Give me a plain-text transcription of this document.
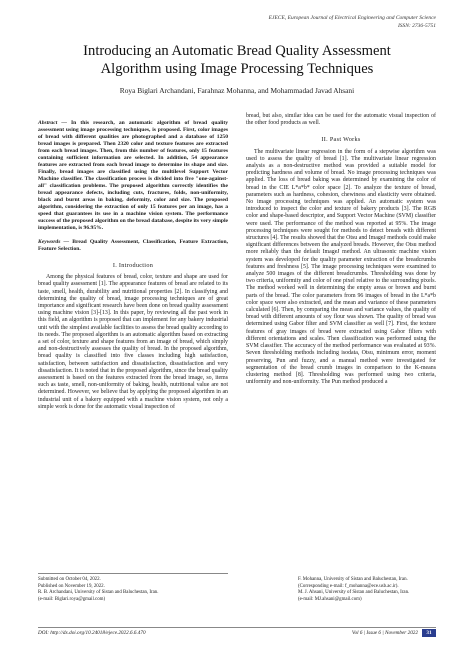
EJECE, European Journal of Electrical Engineering and Computer Science
ISSN: 2736-5751
Introducing an Automatic Bread Quality Assessment
Algorithm using Image Processing Techniques
Roya Biglari Archandani, Farahnaz Mohanna, and Mohammadad Javad Ahsani

Abstract — In this research, an automatic algorithm of bread quality assessment using image processing techniques, is proposed. First, color images of bread with different qualities are photographed and a database of 1250 bread images is prepared. Then 2320 color and texture features are extracted from each bread images. Then, from this number of features, only 15 features containing sufficient information are selected. In addition, 54 appearance features are extracted from each bread image to determine its shape and size. Finally, bread images are classified using the multilevel Support Vector Machine classifier. The classification process is divided into five "one-against-all" classification problems. The proposed algorithm correctly identifies the bread appearance defects, including cuts, fractures, folds, non-uniformity, black and burnt areas in baking, deformity, color and size. The proposed algorithm, considering the extraction of only 15 features per an image, has a speed that guarantees its use in a machine vision system. The performance success of the proposed algorithm on the bread database, despite its very simple implementation, is 96.95%.

Keywords — Bread Quality Assessment, Classification, Feature Extraction, Feature Selection.

I. Introduction

Among the physical features of bread, color, texture and shape are used for bread quality assessment [1]. The appearance features of bread are related to its taste, smell, health, durability and nutritional properties [2]. In classifying and determining the quality of bread, image processing techniques are of great importance and significant research have been done on bread quality assessment using machine vision [3]-[13]. In this paper, by reviewing all the past work in this field, an algorithm is proposed that can implement for any bakery industrial unit with the simplest available facilities to assess the bread quality according to its needs. The proposed algorithm is an automatic algorithm based on extracting a set of color, texture and shape features from an image of bread, which simply and non-destructively assesses the quality of bread. In the proposed algorithm, bread quality is classified into five classes including high satisfaction, satisfaction, between satisfaction and dissatisfaction, dissatisfaction and very dissatisfaction. It is noted that in the proposed algorithm, since the bread quality assessment is based on the features extracted from the bread image, so, items such as taste, smell, non-uniformity of baking, health, nutritional value are not determined. However, we believe that by applying the proposed algorithm in an industrial unit of a bakery equipped with a machine vision system, not only a simple work is done for the automatic visual inspection of

bread, but also, similar idea can be used for the automatic visual inspection of the other food products as well.

II. Past Works

The multivariate linear regression in the form of a stepwise algorithm was used to assess the quality of bread [1]. The multivariate linear regression analysis as a non-destructive method was provided a suitable model for predicting hardness and volume of bread. No image processing techniques was applied. The loss of bread baking was determined by examining the color of bread in the CIE L*a*b* color space [2]. To analyze the texture of bread, parameters such as hardness, cohesion, chewiness and elasticity were obtained. No image processing techniques was applied. An automatic system was introduced to inspect the color and texture of bakery products [3]. The RGB color and shape-based descriptor, and Support Vector Machine (SVM) classifier were used. The performance of the method was reported at 95%. The image processing techniques were sought for methods to detect breads with different structures [4]. The results showed that the Otsu and ImageJ methods could make significant differences between the analyzed breads. However, the Otsu method more reliably than the default ImageJ method. An ultrasonic machine vision system was developed for the quality parameter extraction of the breadcrumbs features and freshness [5]. The image processing techniques were examined to analyze 500 images of the different breadcrumbs. Thresholding was done by two criteria, uniformity and color of one pixel relative to the surrounding pixels. The method worked well in determining the empty areas or brown and burnt parts of the bread. The color parameters from 96 images of bread in the L*a*b color space were also extracted, and the mean and variance of these parameters calculated [6]. Then, by comparing the mean and variance values, the quality of bread with different amounts of soy flour was shown. The quality of bread was determined using Gabor filter and SVM classifier as well [7]. First, the texture features of gray images of bread were extracted using Gabor filters with different orientations and scales. Then classification was performed using the SVM classifier. The accuracy of the method performance was evaluated at 93%. Seven thresholding methods including isodata, Otsu, minimum error, moment preserving, Pun and fuzzy, and a manual method were investigated for segmentation of the bread crumb images in comparison to the K-means clustering method [8]. Thresholding was performed using two criteria, uniformity and non-uniformity. The Pun method produced a

Submitted on October 04, 2022.
Published on November 19, 2022.
R. B. Archandani, University of Sistan and Baluchestan, Iran.
(e-mail: Biglari.roya@gmail.com)
F. Mohanna, University of Sistan and Baluchestan, Iran.
(Corresponding e-mail: f_mohanna@ece.usb.ac.ir).
M. J. Ahsani, University of Sistan and Baluchestan, Iran.
(e-mail: MJ.ahsani@gmail.com)
DOI: http://dx.doi.org/10.24018/ejece.2022.6.6.470	Vol 6 | Issue 6 | November 2022	31
